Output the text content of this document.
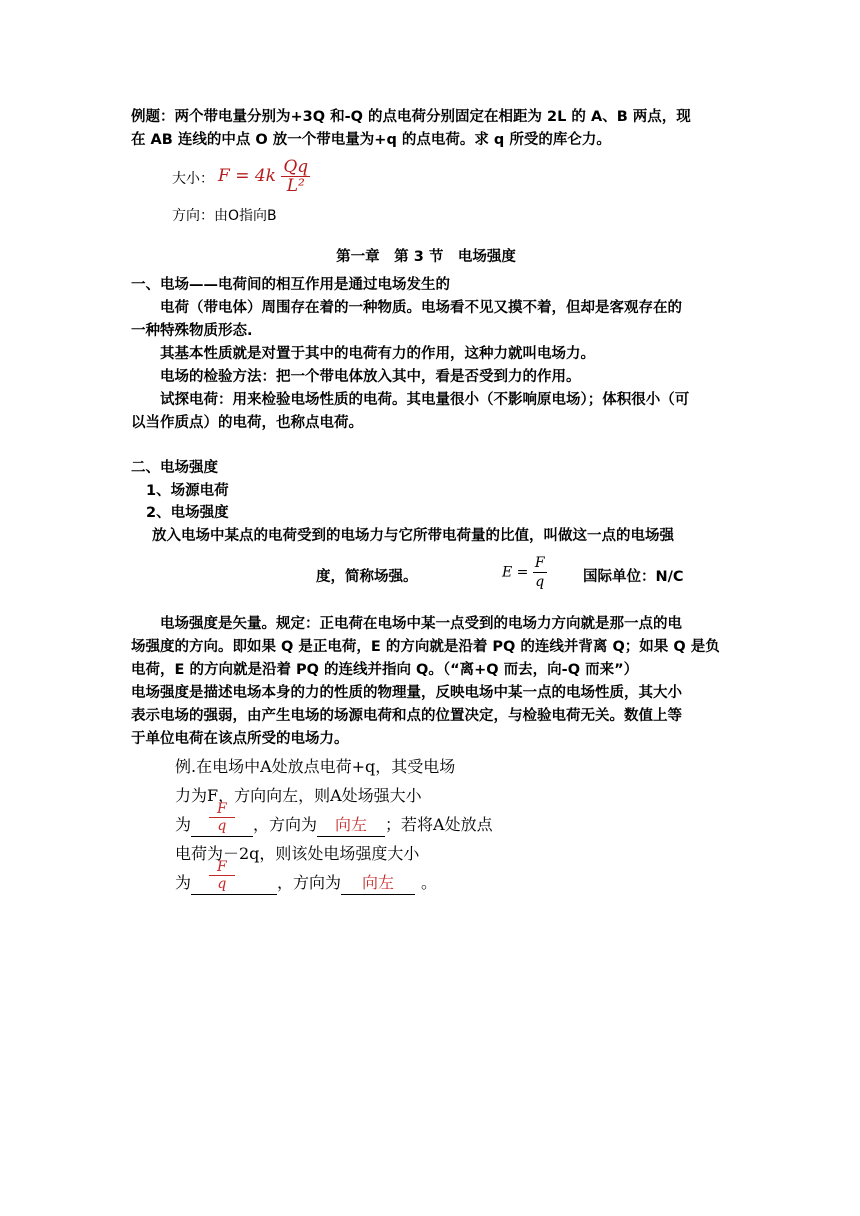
例题：两个带电量分别为+3Q 和-Q 的点电荷分别固定在相距为 2L 的 A、B 两点，现
在 AB 连线的中点 O 放一个带电量为+q 的点电荷。求 q 所受的库仑力。
大小： $F = 4k \frac{Qq}{\text{L²}}$
方向：由O指向B
第一章　第 3 节　电场强度
一、电场——电荷间的相互作用是通过电场发生的
电荷（带电体）周围存在着的一种物质。电场看不见又摸不着，但却是客观存在的
一种特殊物质形态.
其基本性质就是对置于其中的电荷有力的作用，这种力就叫电场力。
电场的检验方法：把一个带电体放入其中，看是否受到力的作用。
试探电荷：用来检验电场性质的电荷。其电量很小（不影响原电场）；体积很小（可
以当作质点）的电荷，也称点电荷。
二、电场强度
1、场源电荷
2、电场强度
放入电场中某点的电荷受到的电场力与它所带电荷量的比值，叫做这一点的电场强
度，简称场强。	$E = \frac{F}{q}$	国际单位：N/C
电场强度是矢量。规定：正电荷在电场中某一点受到的电场力方向就是那一点的电
场强度的方向。即如果 Q 是正电荷，E 的方向就是沿着 PQ 的连线并背离 Q；如果 Q 是负
电荷，E 的方向就是沿着 PQ 的连线并指向 Q。（“离+Q 而去，向-Q 而来”）
电场强度是描述电场本身的力的性质的物理量，反映电场中某一点的电场性质，其大小
表示电场的强弱，由产生电场的场源电荷和点的位置决定，与检验电荷无关。数值上等
于单位电荷在该点所受的电场力。
例.在电场中A处放点电荷+q，其受电场
力为F，方向向左，则A处场强大小
为	，方向为 向左 ；若将A处放点
$\frac{F}{q}$
电荷为－2q，则该处电场强度大小
为	，方向为 向左 。
$\frac{F}{q}$
